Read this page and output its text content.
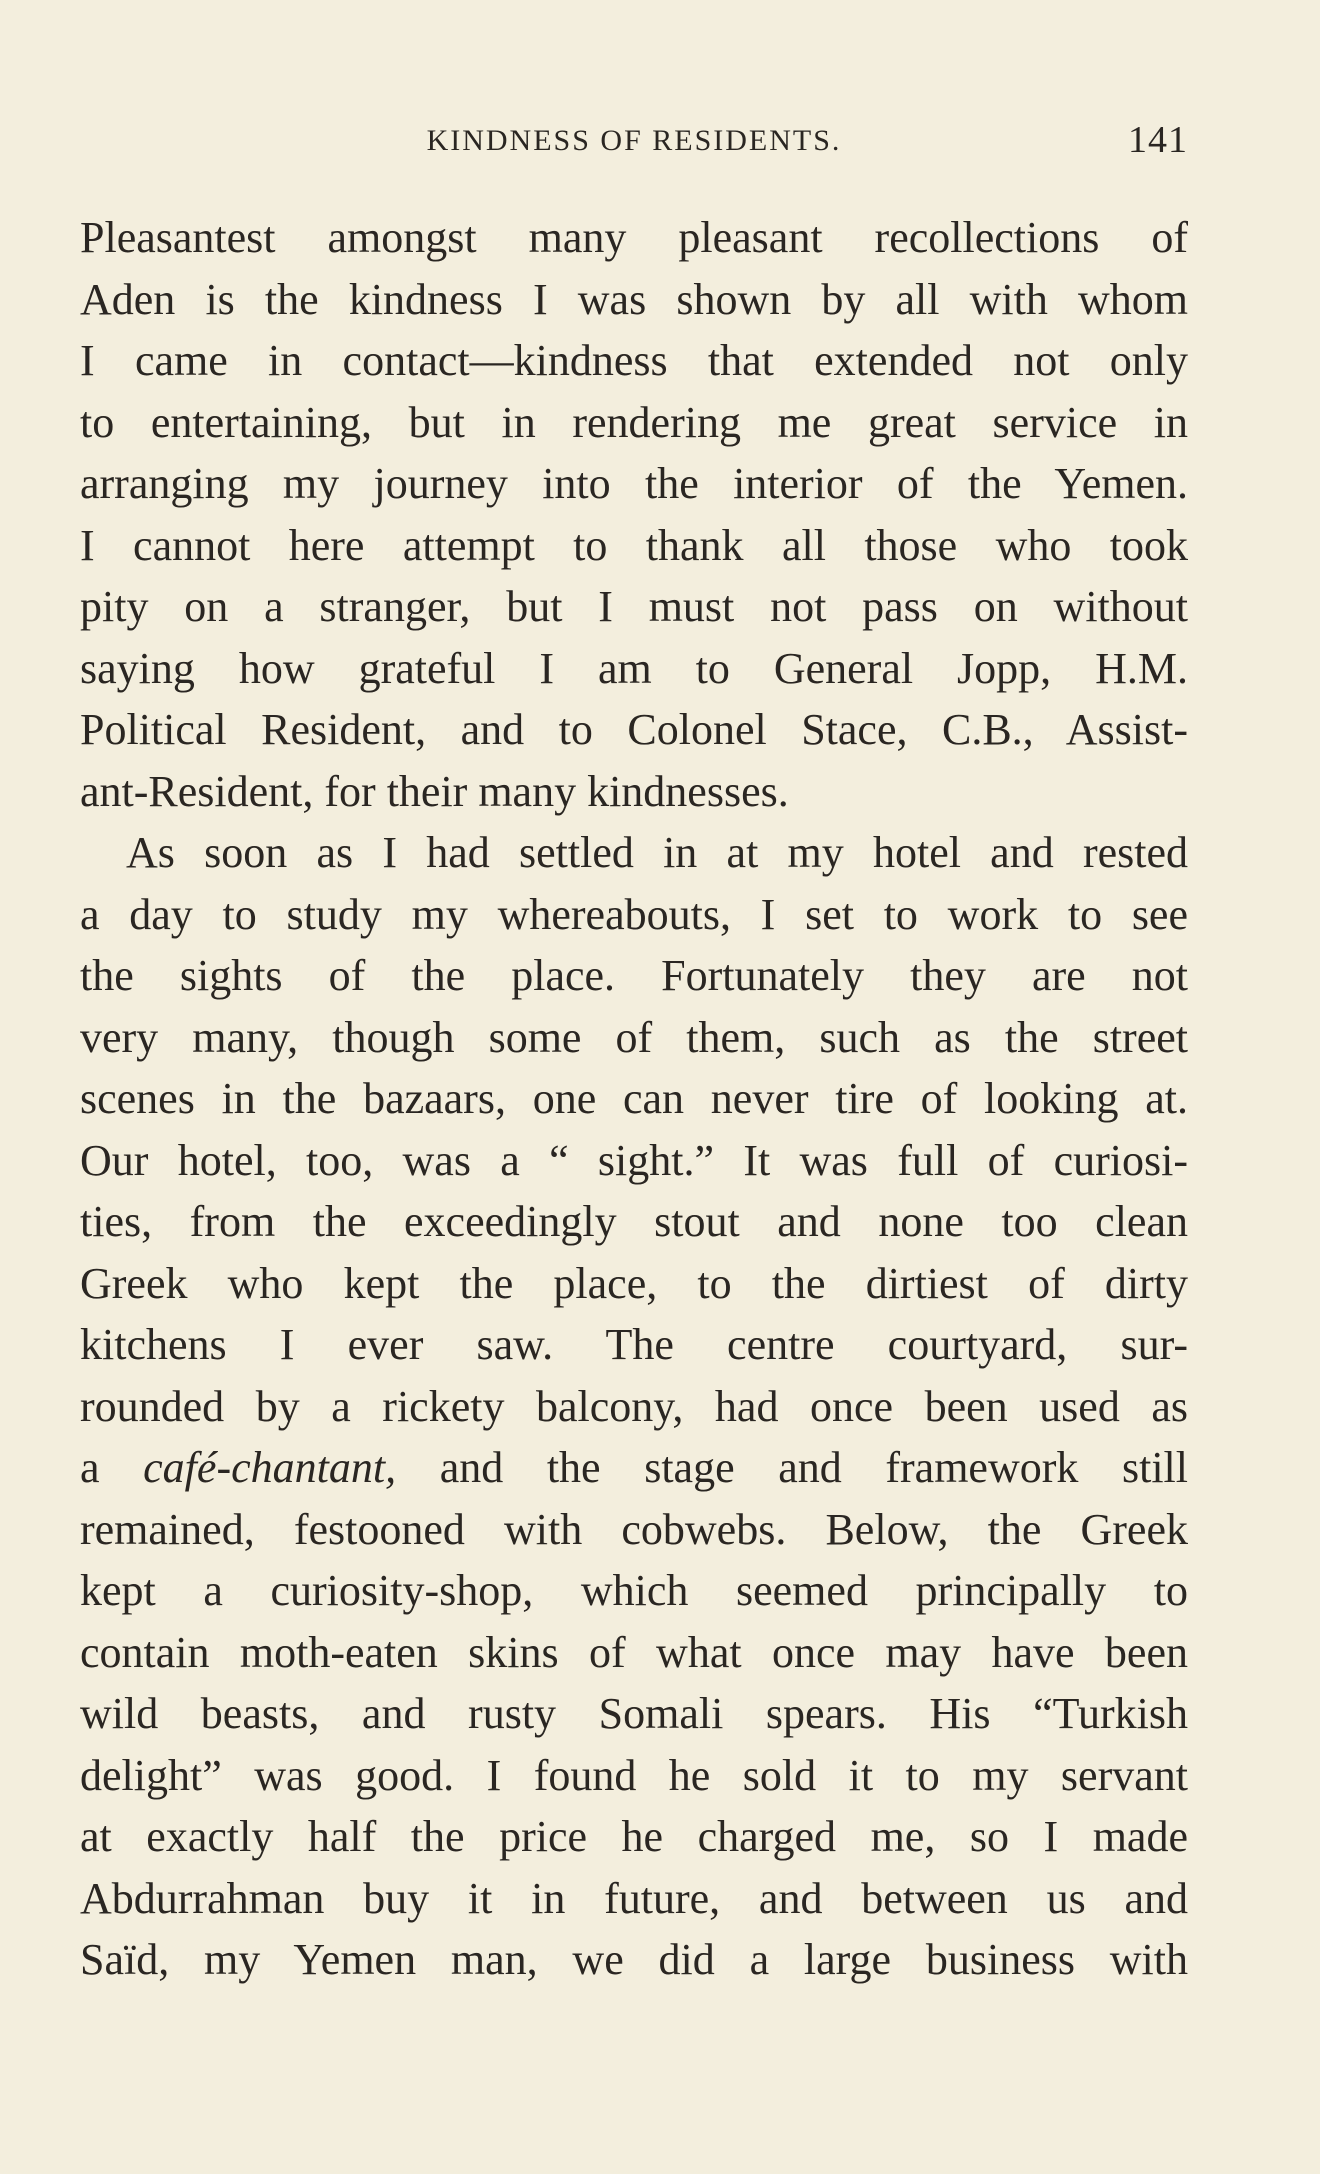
KINDNESS OF RESIDENTS.	141
Pleasantest amongst many pleasant recollections of
Aden is the kindness I was shown by all with whom
I came in contact—kindness that extended not only
to entertaining, but in rendering me great service in
arranging my journey into the interior of the Yemen.
I cannot here attempt to thank all those who took
pity on a stranger, but I must not pass on without
saying how grateful I am to General Jopp, H.M.
Political Resident, and to Colonel Stace, C.B., Assist-
ant-Resident, for their many kindnesses.
As soon as I had settled in at my hotel and rested
a day to study my whereabouts, I set to work to see
the sights of the place. Fortunately they are not
very many, though some of them, such as the street
scenes in the bazaars, one can never tire of looking at.
Our hotel, too, was a “ sight.” It was full of curiosi-
ties, from the exceedingly stout and none too clean
Greek who kept the place, to the dirtiest of dirty
kitchens I ever saw. The centre courtyard, sur-
rounded by a rickety balcony, had once been used as
a café-chantant, and the stage and framework still
remained, festooned with cobwebs. Below, the Greek
kept a curiosity-shop, which seemed principally to
contain moth-eaten skins of what once may have been
wild beasts, and rusty Somali spears. His “Turkish
delight” was good. I found he sold it to my servant
at exactly half the price he charged me, so I made
Abdurrahman buy it in future, and between us and
Saïd, my Yemen man, we did a large business with
